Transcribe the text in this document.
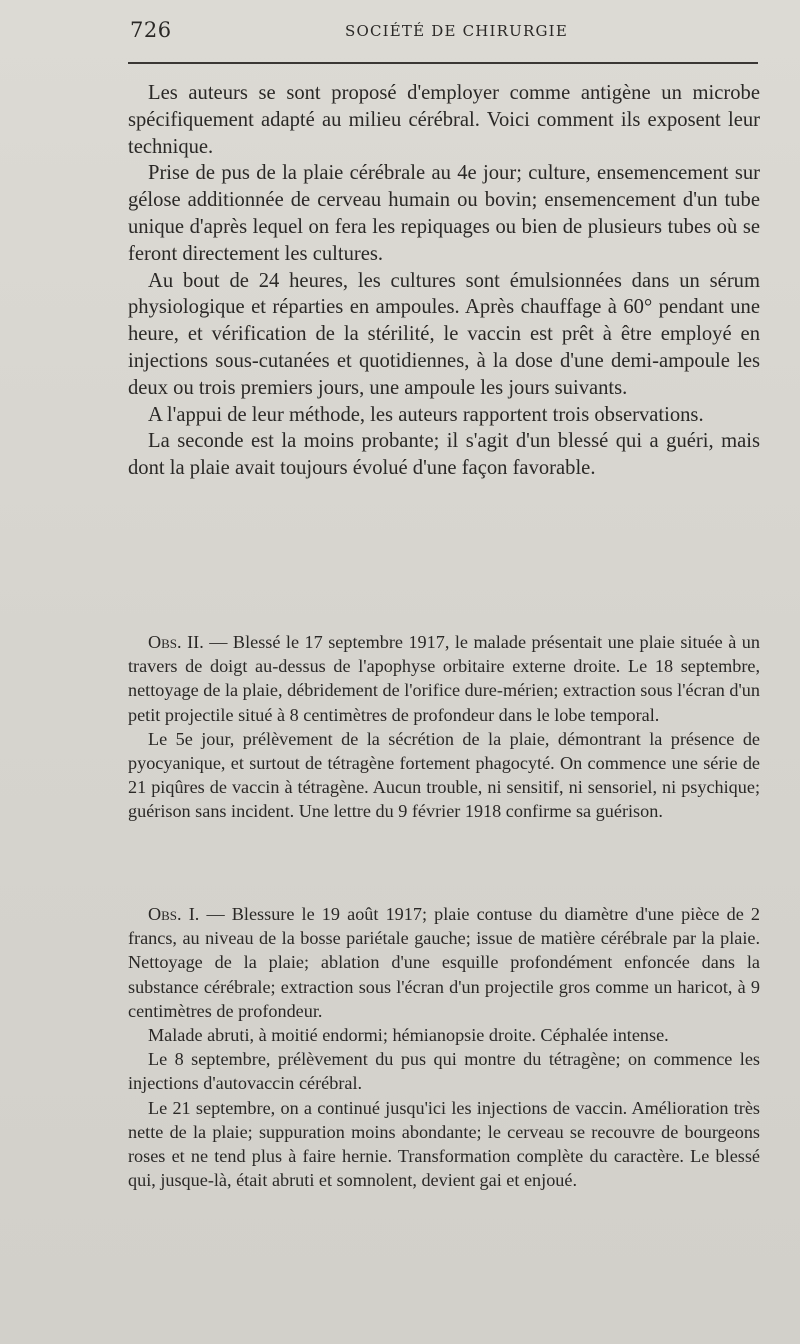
726	SOCIÉTÉ DE CHIRURGIE

Les auteurs se sont proposé d'employer comme antigène un microbe spécifiquement adapté au milieu cérébral. Voici comment ils exposent leur technique.

Prise de pus de la plaie cérébrale au 4e jour; culture, ensemencement sur gélose additionnée de cerveau humain ou bovin; ensemencement d'un tube unique d'après lequel on fera les repiquages ou bien de plusieurs tubes où se feront directement les cultures.

Au bout de 24 heures, les cultures sont émulsionnées dans un sérum physiologique et réparties en ampoules. Après chauffage à 60° pendant une heure, et vérification de la stérilité, le vaccin est prêt à être employé en injections sous-cutanées et quotidiennes, à la dose d'une demi-ampoule les deux ou trois premiers jours, une ampoule les jours suivants.

A l'appui de leur méthode, les auteurs rapportent trois observations.

La seconde est la moins probante; il s'agit d'un blessé qui a guéri, mais dont la plaie avait toujours évolué d'une façon favorable.

Obs. II. — Blessé le 17 septembre 1917, le malade présentait une plaie située à un travers de doigt au-dessus de l'apophyse orbitaire externe droite. Le 18 septembre, nettoyage de la plaie, débridement de l'orifice dure-mérien; extraction sous l'écran d'un petit projectile situé à 8 centimètres de profondeur dans le lobe temporal.

Le 5e jour, prélèvement de la sécrétion de la plaie, démontrant la présence de pyocyanique, et surtout de tétragène fortement phagocyté. On commence une série de 21 piqûres de vaccin à tétragène. Aucun trouble, ni sensitif, ni sensoriel, ni psychique; guérison sans incident. Une lettre du 9 février 1918 confirme sa guérison.

Obs. I. — Blessure le 19 août 1917; plaie contuse du diamètre d'une pièce de 2 francs, au niveau de la bosse pariétale gauche; issue de matière cérébrale par la plaie. Nettoyage de la plaie; ablation d'une esquille profondément enfoncée dans la substance cérébrale; extraction sous l'écran d'un projectile gros comme un haricot, à 9 centimètres de profondeur.

Malade abruti, à moitié endormi; hémianopsie droite. Céphalée intense.

Le 8 septembre, prélèvement du pus qui montre du tétragène; on commence les injections d'autovaccin cérébral.

Le 21 septembre, on a continué jusqu'ici les injections de vaccin. Amélioration très nette de la plaie; suppuration moins abondante; le cerveau se recouvre de bourgeons roses et ne tend plus à faire hernie. Transformation complète du caractère. Le blessé qui, jusque-là, était abruti et somnolent, devient gai et enjoué.
